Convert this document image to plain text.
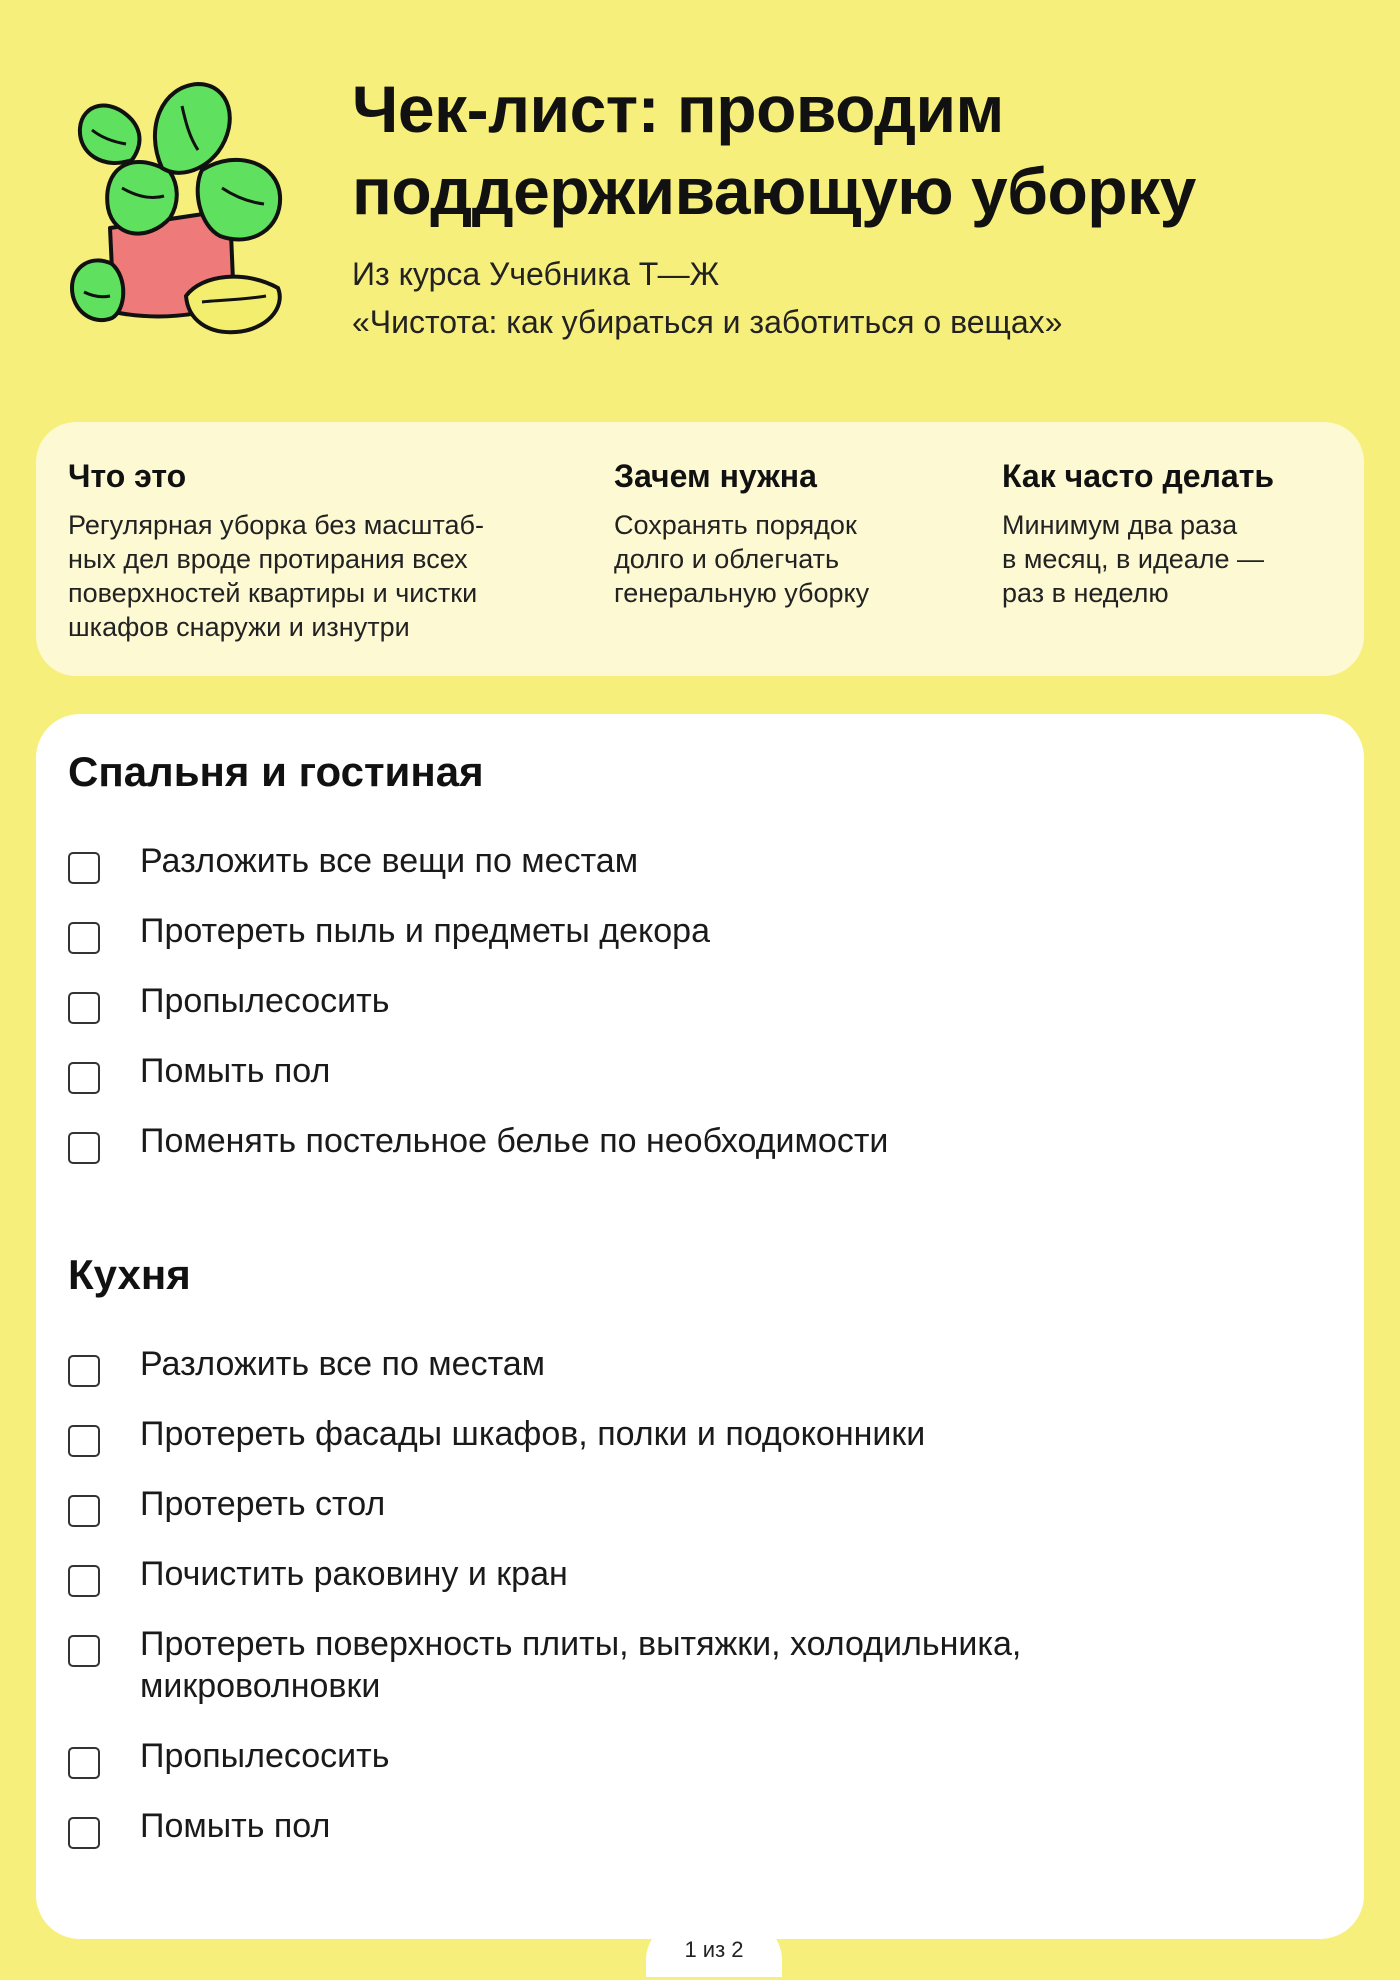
Чек-лист: проводим
поддерживающую уборку
Из курса Учебника Т—Ж
«Чистота: как убираться и заботиться о вещах»
Что это

Регулярная уборка без масштаб-
ных дел вроде протирания всех
поверхностей квартиры и чистки
шкафов снаружи и изнутри

Зачем нужна

Сохранять порядок
долго и облегчать
генеральную уборку

Как часто делать

Минимум два раза
в месяц, в идеале —
раз в неделю

Спальня и гостиная
Разложить все вещи по местам
Протереть пыль и предметы декора
Пропылесосить
Помыть пол
Поменять постельное белье по необходимости
Кухня
Разложить все по местам
Протереть фасады шкафов, полки и подоконники
Протереть стол
Почистить раковину и кран
Протереть поверхность плиты, вытяжки, холодильника,
микроволновки
Пропылесосить
Помыть пол
1 из 2
